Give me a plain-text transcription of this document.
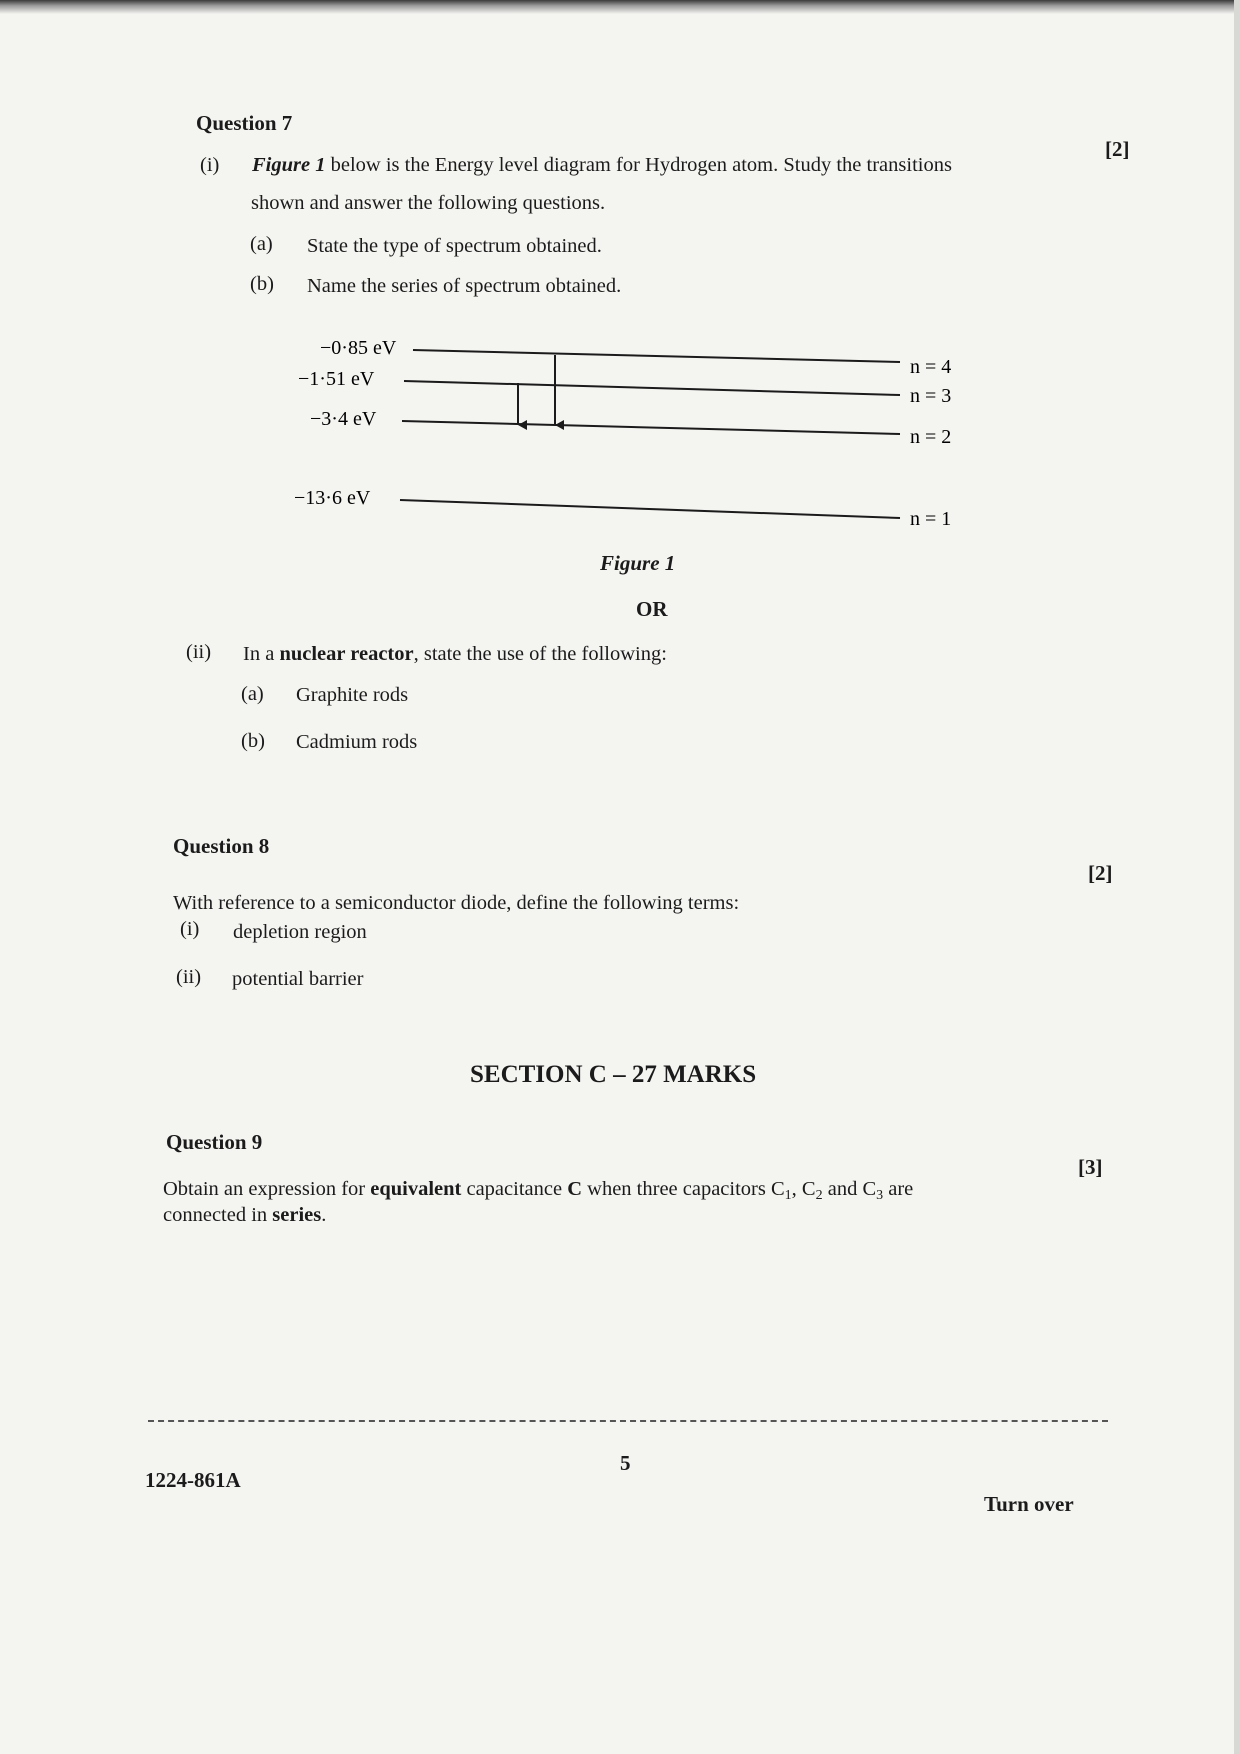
Question 7
[2]
(i) Figure 1 below is the Energy level diagram for Hydrogen atom. Study the transitions
shown and answer the following questions.
(a) State the type of spectrum obtained.
(b) Name the series of spectrum obtained.
−0·85 eV
n = 4
−1·51 eV
n = 3
−3·4 eV
n = 2
−13·6 eV
n = 1
Figure 1
OR
(ii) In a nuclear reactor, state the use of the following:
(a) Graphite rods
(b) Cadmium rods
Question 8
[2]
With reference to a semiconductor diode, define the following terms:
(i) depletion region
(ii) potential barrier
SECTION C – 27 MARKS
Question 9
[3]
Obtain an expression for equivalent capacitance C when three capacitors $C_1$, $C_2$ and $C_3$ are
connected in series.
1224-861A
5
Turn over
